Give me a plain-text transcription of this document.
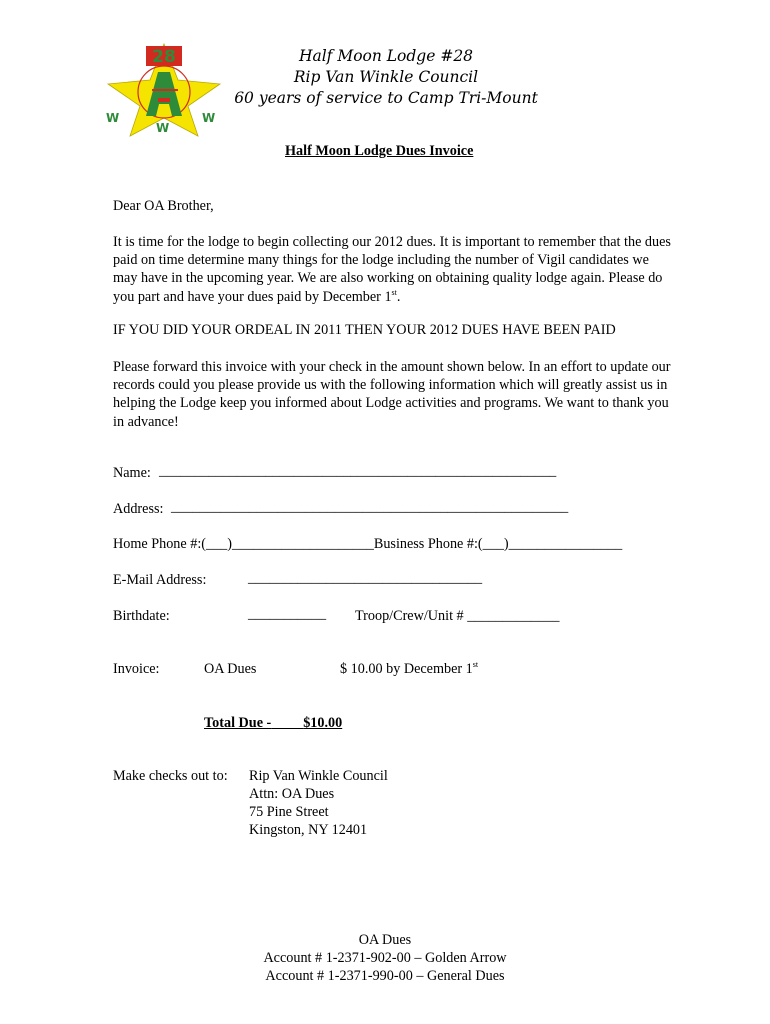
28
W
W
W
Half Moon Lodge #28
Rip Van Winkle Council
60 years of service to Camp Tri-Mount
Half Moon Lodge Dues Invoice
Dear OA Brother,
It is time for the lodge to begin collecting our 2012 dues. It is important to remember that the dues paid on time determine many things for the lodge including the number of Vigil candidates we may have in the upcoming year. We are also working on obtaining quality lodge again. Please do you part and have your dues paid by December 1st.
IF YOU DID YOUR ORDEAL IN 2011 THEN YOUR 2012 DUES HAVE BEEN PAID
Please forward this invoice with your check in the amount shown below. In an effort to update our records could you please provide us with the following information which will greatly assist us in helping the Lodge keep you informed about Lodge activities and programs. We want to thank you in advance!
Name: ________________________________________________________
Address: ________________________________________________________
Home Phone #:(___)____________________Business Phone #:(___)________________
E-Mail Address:	_________________________________
Birthdate:	___________ Troop/Crew/Unit # _____________
Invoice:	OA Dues	$ 10.00 by December 1st
Total Due - $10.00
Make checks out to: Rip Van Winkle Council
Attn: OA Dues
75 Pine Street
Kingston, NY 12401
OA Dues
Account # 1-2371-902-00 – Golden Arrow
Account # 1-2371-990-00 – General Dues
